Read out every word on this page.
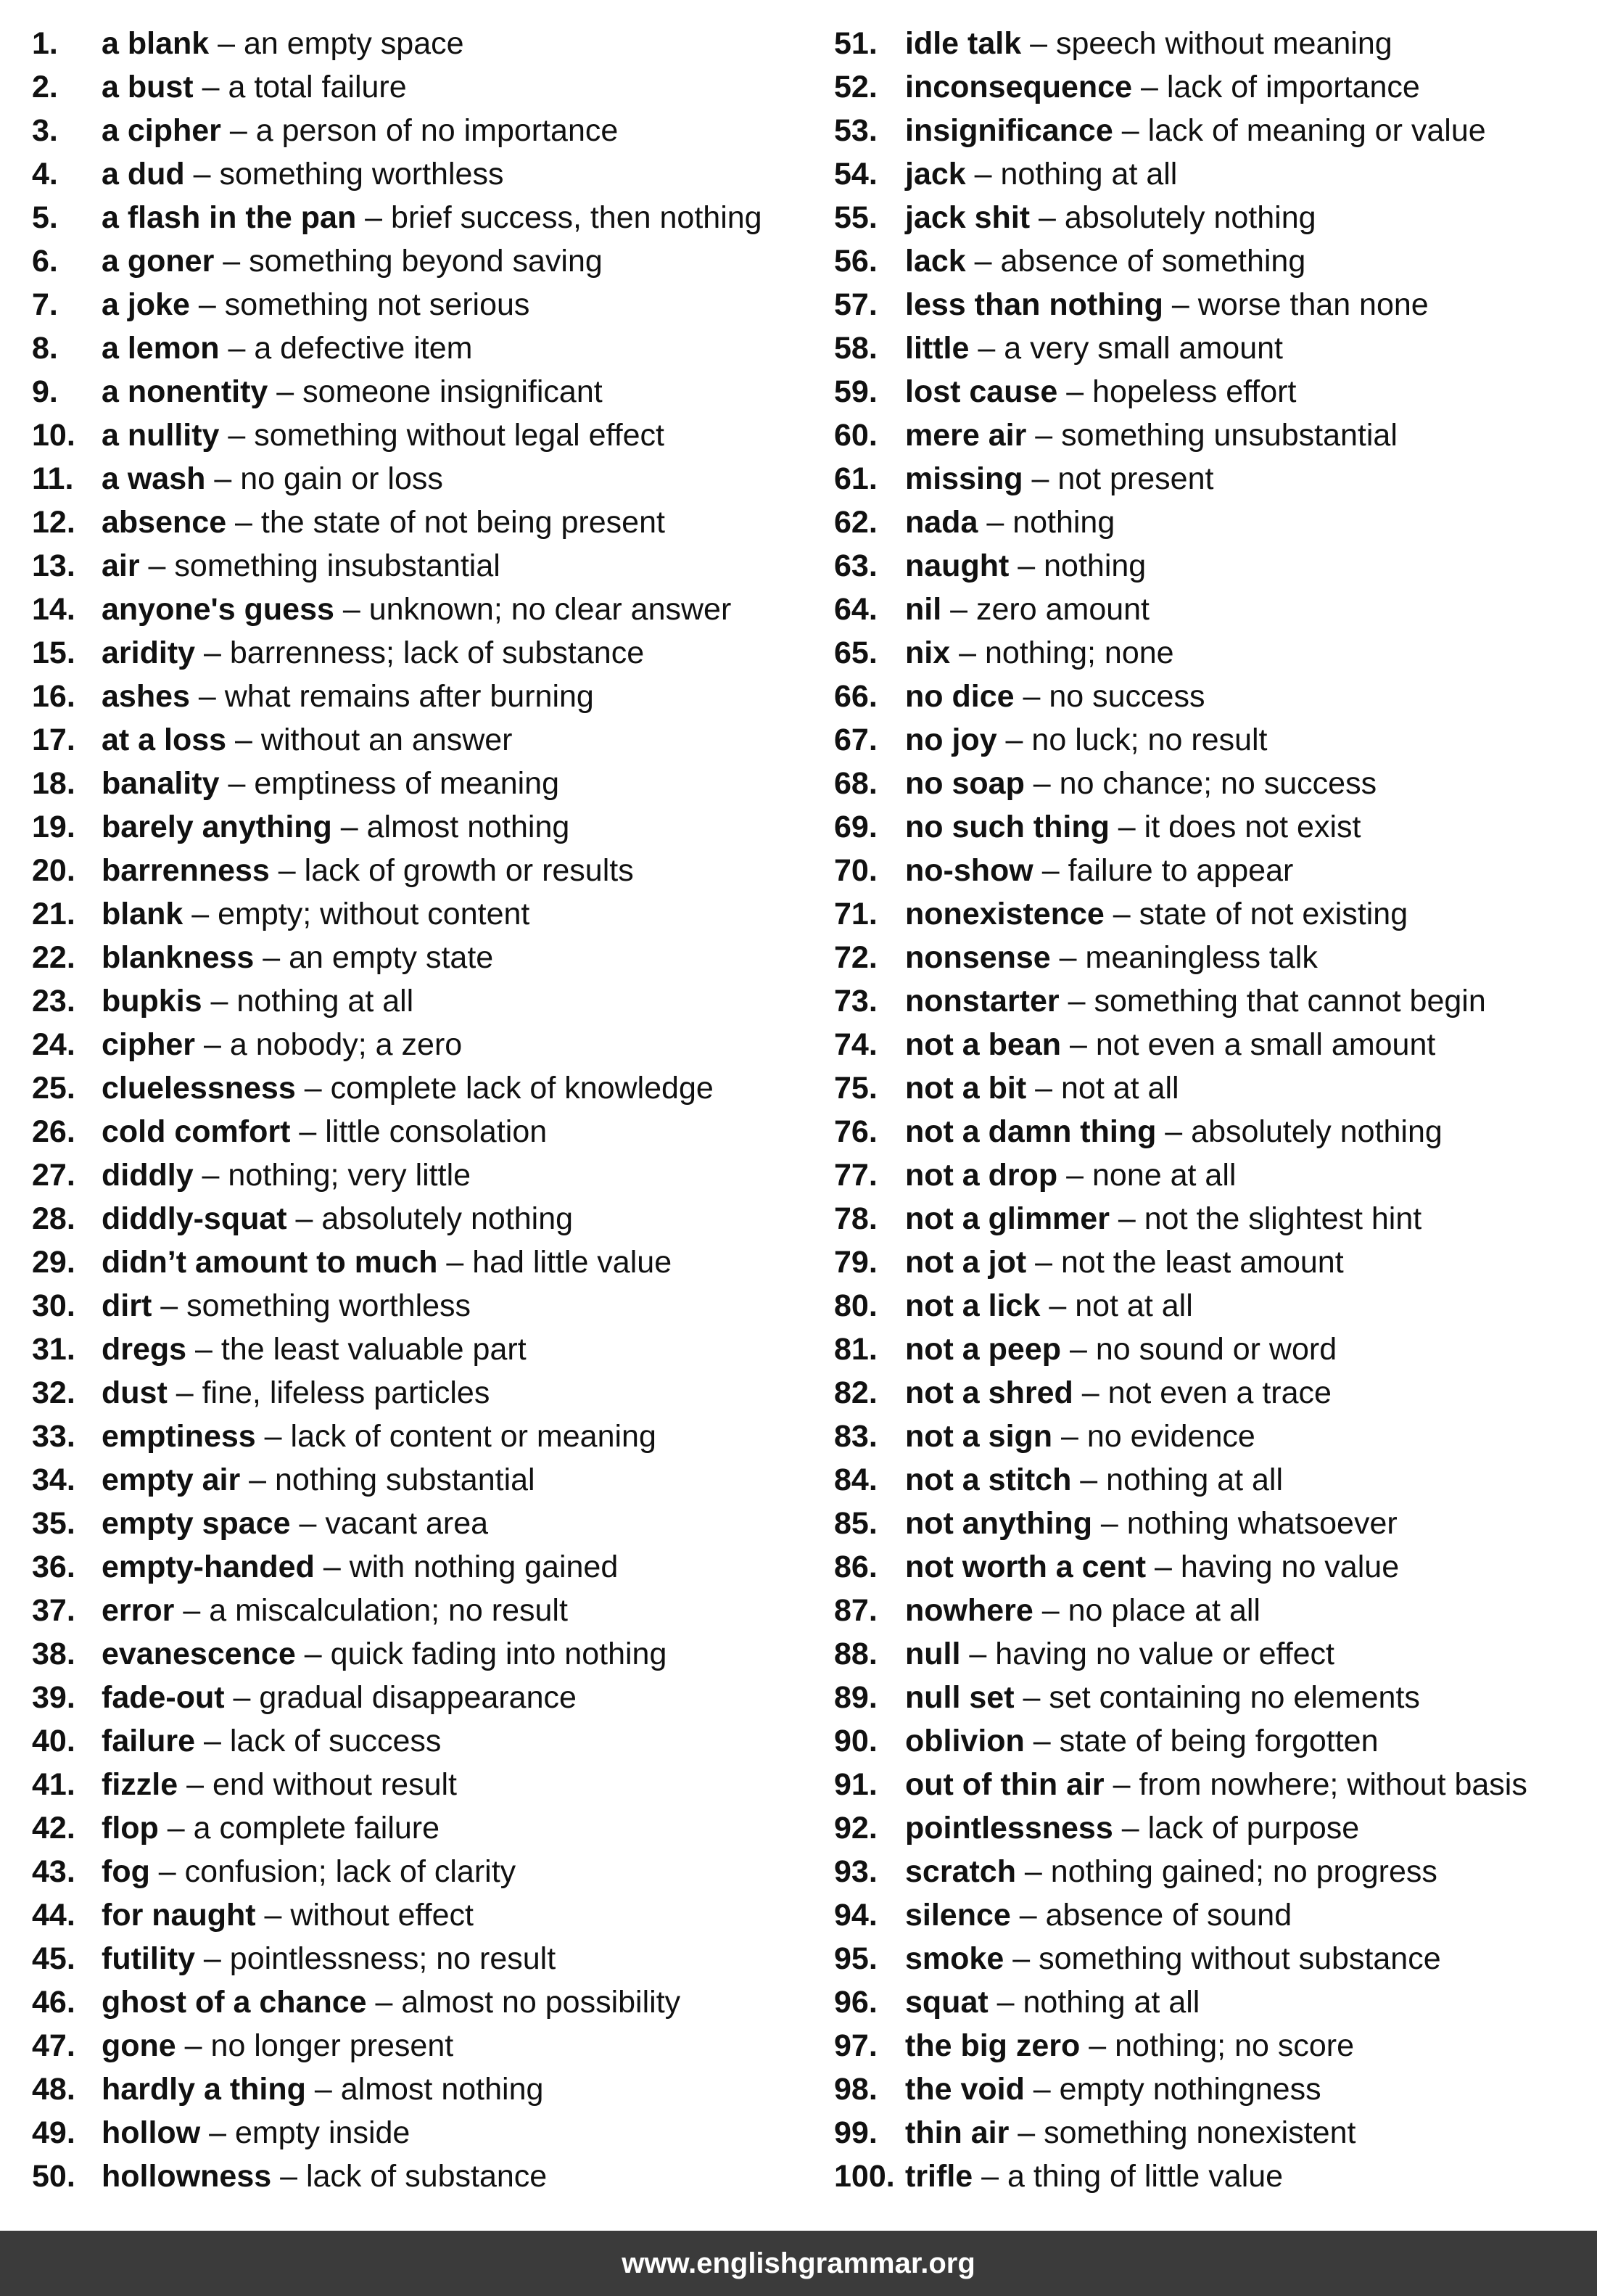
1. a blank – an empty space
2. a bust – a total failure
3. a cipher – a person of no importance
4. a dud – something worthless
5. a flash in the pan – brief success, then nothing
6. a goner – something beyond saving
7. a joke – something not serious
8. a lemon – a defective item
9. a nonentity – someone insignificant
10. a nullity – something without legal effect
11. a wash – no gain or loss
12. absence – the state of not being present
13. air – something insubstantial
14. anyone's guess – unknown; no clear answer
15. aridity – barrenness; lack of substance
16. ashes – what remains after burning
17. at a loss – without an answer
18. banality – emptiness of meaning
19. barely anything – almost nothing
20. barrenness – lack of growth or results
21. blank – empty; without content
22. blankness – an empty state
23. bupkis – nothing at all
24. cipher – a nobody; a zero
25. cluelessness – complete lack of knowledge
26. cold comfort – little consolation
27. diddly – nothing; very little
28. diddly-squat – absolutely nothing
29. didn’t amount to much – had little value
30. dirt – something worthless
31. dregs – the least valuable part
32. dust – fine, lifeless particles
33. emptiness – lack of content or meaning
34. empty air – nothing substantial
35. empty space – vacant area
36. empty-handed – with nothing gained
37. error – a miscalculation; no result
38. evanescence – quick fading into nothing
39. fade-out – gradual disappearance
40. failure – lack of success
41. fizzle – end without result
42. flop – a complete failure
43. fog – confusion; lack of clarity
44. for naught – without effect
45. futility – pointlessness; no result
46. ghost of a chance – almost no possibility
47. gone – no longer present
48. hardly a thing – almost nothing
49. hollow – empty inside
50. hollowness – lack of substance
51. idle talk – speech without meaning
52. inconsequence – lack of importance
53. insignificance – lack of meaning or value
54. jack – nothing at all
55. jack shit – absolutely nothing
56. lack – absence of something
57. less than nothing – worse than none
58. little – a very small amount
59. lost cause – hopeless effort
60. mere air – something unsubstantial
61. missing – not present
62. nada – nothing
63. naught – nothing
64. nil – zero amount
65. nix – nothing; none
66. no dice – no success
67. no joy – no luck; no result
68. no soap – no chance; no success
69. no such thing – it does not exist
70. no-show – failure to appear
71. nonexistence – state of not existing
72. nonsense – meaningless talk
73. nonstarter – something that cannot begin
74. not a bean – not even a small amount
75. not a bit – not at all
76. not a damn thing – absolutely nothing
77. not a drop – none at all
78. not a glimmer – not the slightest hint
79. not a jot – not the least amount
80. not a lick – not at all
81. not a peep – no sound or word
82. not a shred – not even a trace
83. not a sign – no evidence
84. not a stitch – nothing at all
85. not anything – nothing whatsoever
86. not worth a cent – having no value
87. nowhere – no place at all
88. null – having no value or effect
89. null set – set containing no elements
90. oblivion – state of being forgotten
91. out of thin air – from nowhere; without basis
92. pointlessness – lack of purpose
93. scratch – nothing gained; no progress
94. silence – absence of sound
95. smoke – something without substance
96. squat – nothing at all
97. the big zero – nothing; no score
98. the void – empty nothingness
99. thin air – something nonexistent
100. trifle – a thing of little value
www.englishgrammar.org
